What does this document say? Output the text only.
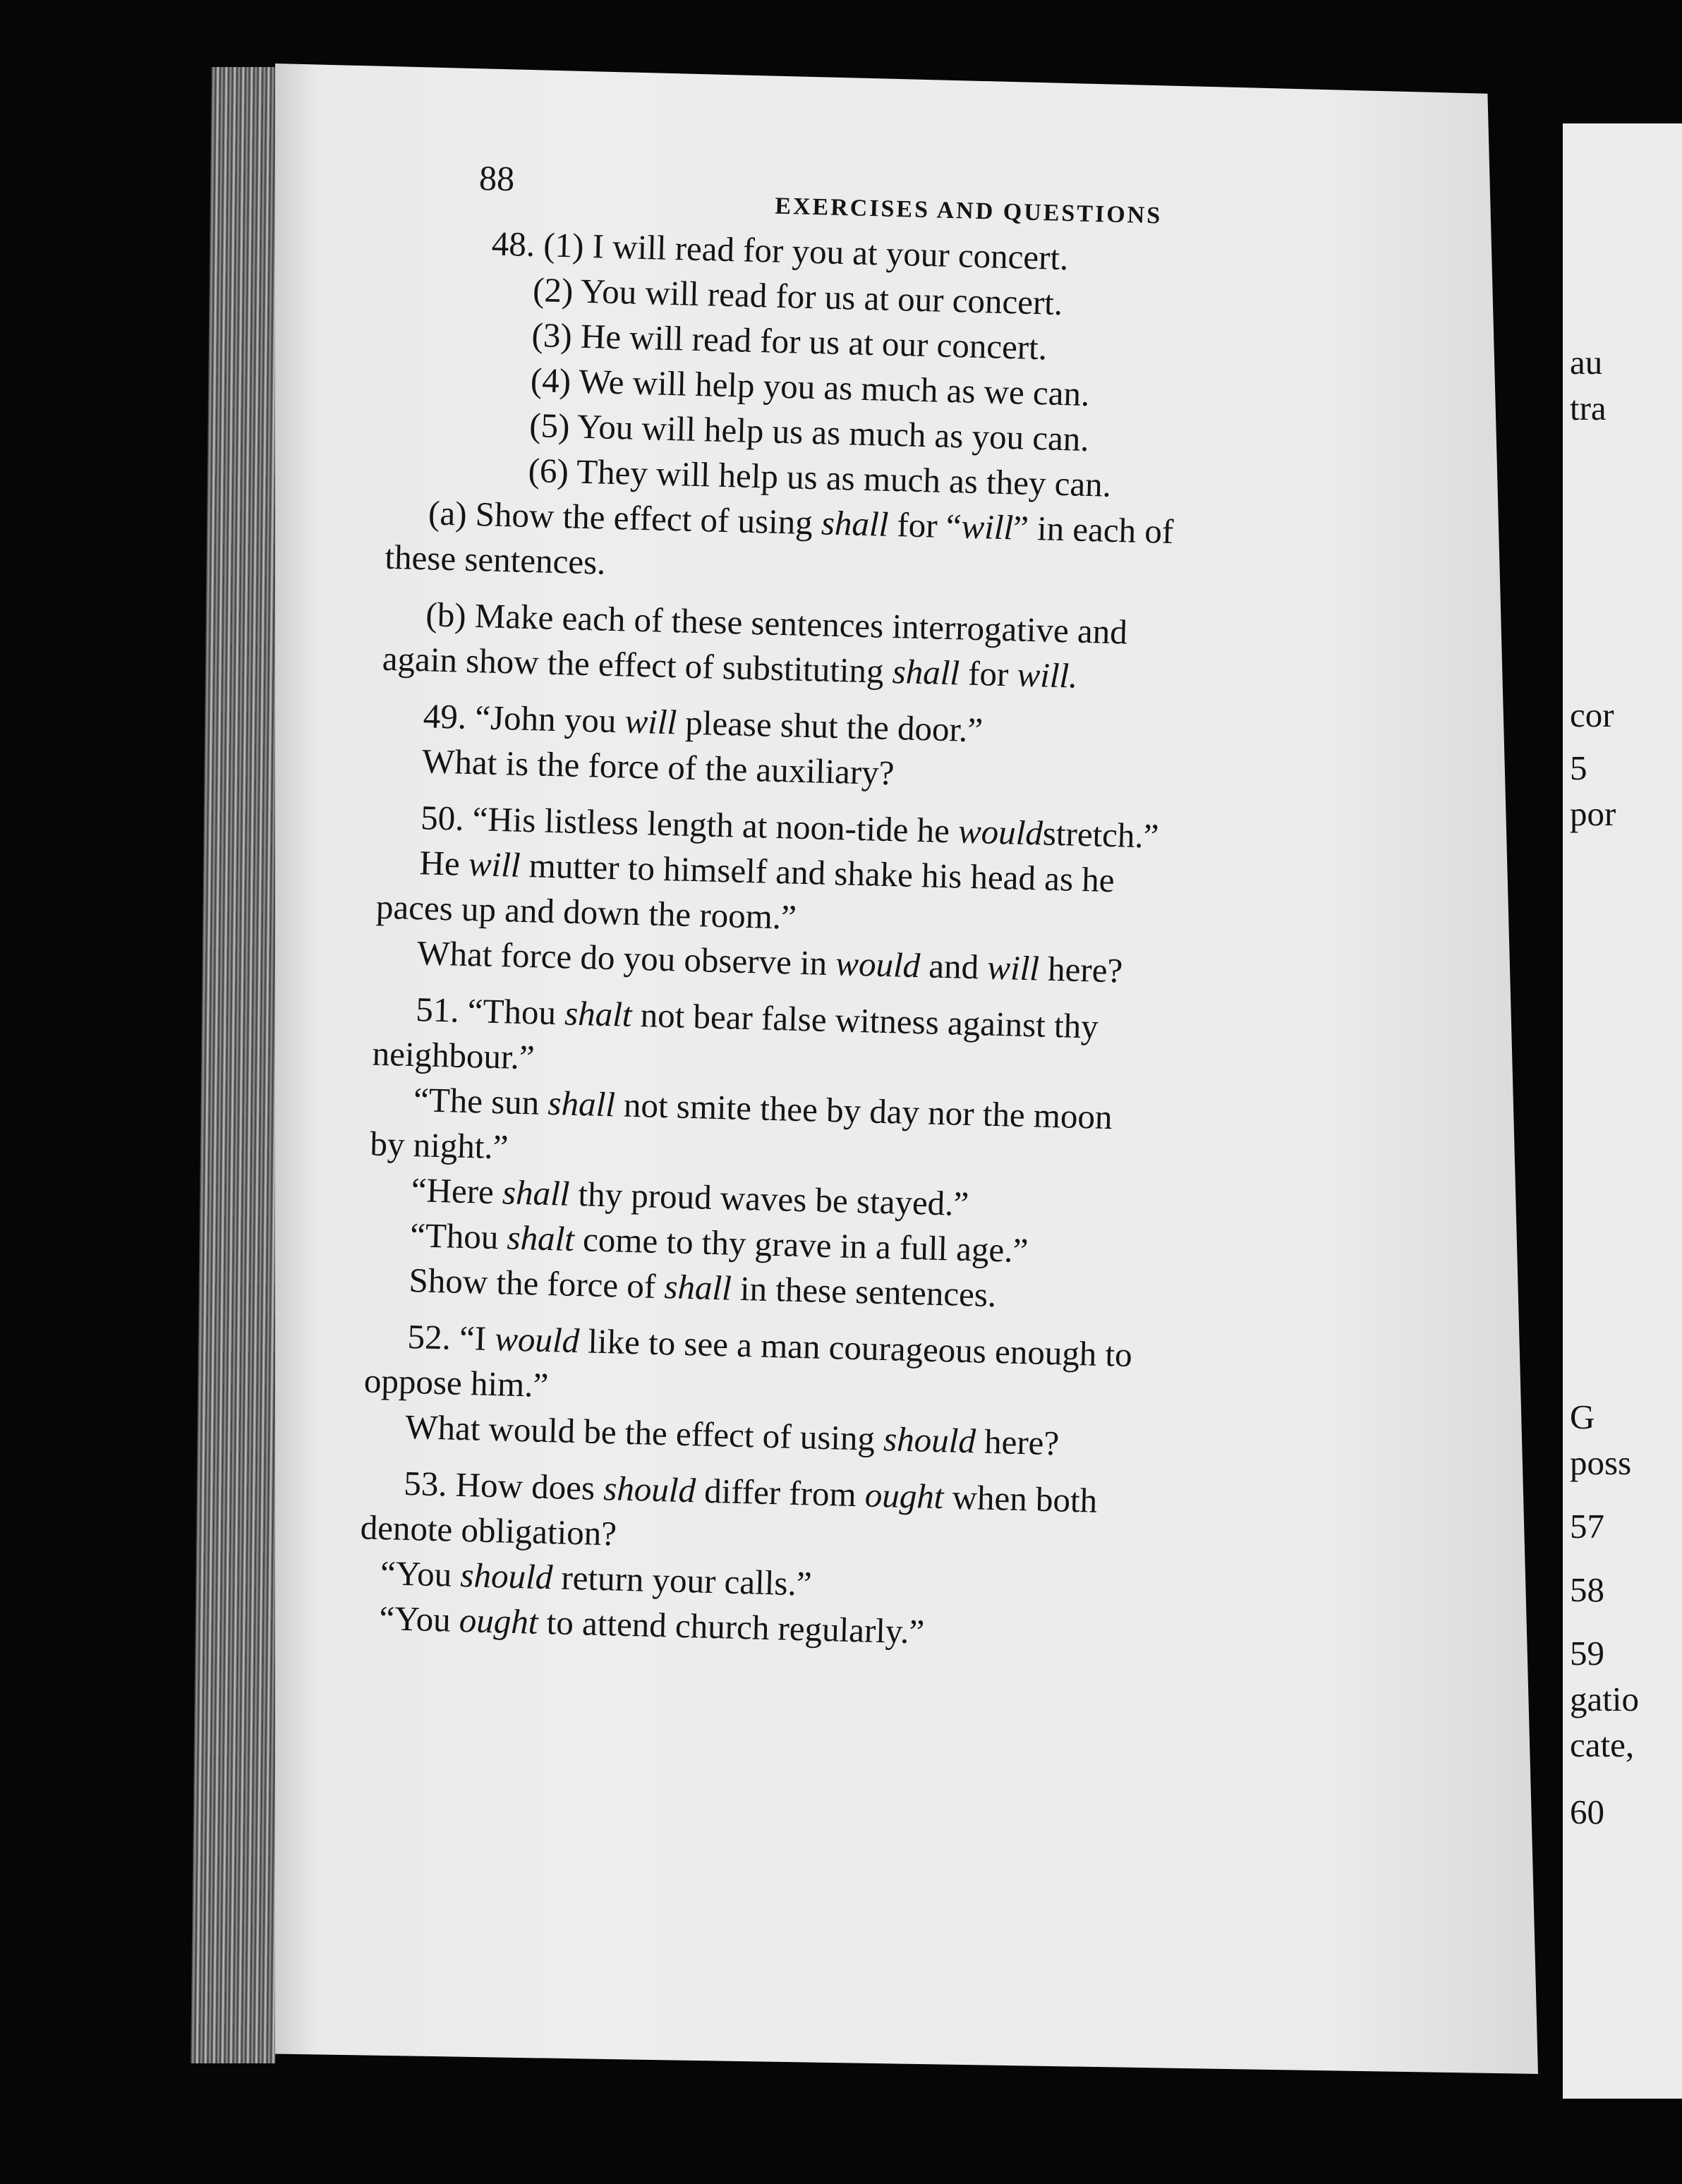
au
tra
cor
5
por
G
poss
57
58
59
gatio
cate,
60
88
EXERCISES AND QUESTIONS
48. (1) I will read for you at your concert.
(2) You will read for us at our concert.
(3) He will read for us at our concert.
(4) We will help you as much as we can.
(5) You will help us as much as you can.
(6) They will help us as much as they can.
(a) Show the effect of using shall for “will” in each of
these sentences.
(b) Make each of these sentences interrogative and
again show the effect of substituting shall for will.
49. “John you will please shut the door.”
What is the force of the auxiliary?
50. “His listless length at noon-tide he wouldstretch.”
He will mutter to himself and shake his head as he
paces up and down the room.”
What force do you observe in would and will here?
51. “Thou shalt not bear false witness against thy
neighbour.”
“The sun shall not smite thee by day nor the moon
by night.”
“Here shall thy proud waves be stayed.”
“Thou shalt come to thy grave in a full age.”
Show the force of shall in these sentences.
52. “I would like to see a man courageous enough to
oppose him.”
What would be the effect of using should here?
53. How does should differ from ought when both
denote obligation?
“You should return your calls.”
“You ought to attend church regularly.”
